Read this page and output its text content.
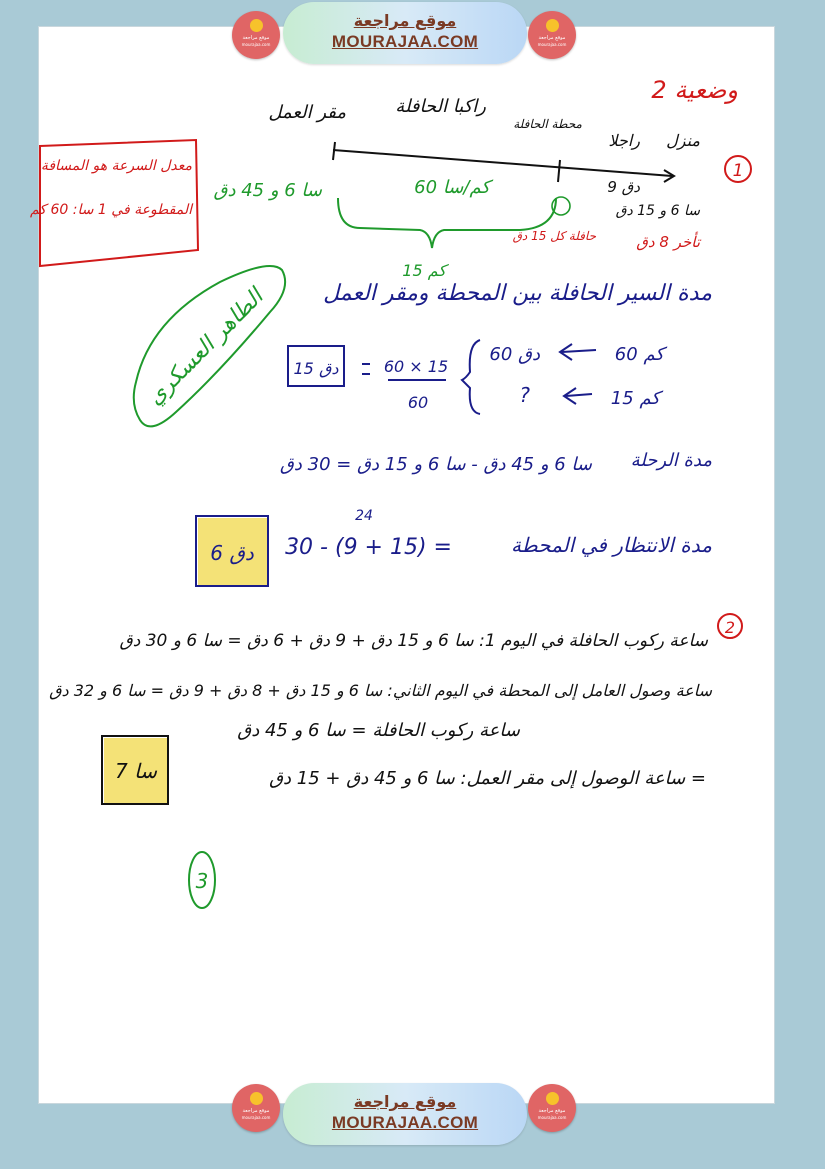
موقع مراجعة
MOURAJAA.COM
موقع مراجعة
mourajaa.com
موقع مراجعة
mourajaa.com
موقع مراجعة
MOURAJAA.COM
موقع مراجعة
mourajaa.com
موقع مراجعة
mourajaa.com
وضعية 2
مقر العمل	راكبا الحافلة
محطة الحافلة
راجلا منزل
1
سا 6 و 45 دق	60 كم/سا	9 دق
سا 6 و 15 دق
تأخر 8 دق
حافلة كل 15 دق
15 كم
معدل السرعة هو المسافة
المقطوعة في 1 سا: 60 كم
الطاهر العسكري مدة السير الحافلة بين المحطة ومقر العمل
60 كم
60 دق
15 كم
?
60 × 15
60
15 دق
مدة الرحلة
سا 6 و 45 دق - سا 6 و 15 دق = 30 دق
مدة الانتظار في المحطة
30 - (9 + 15) =
24
6 دق
2
ساعة ركوب الحافلة في اليوم 1: سا 6 و 15 دق + 9 دق + 6 دق = سا 6 و 30 دق
ساعة وصول العامل إلى المحطة في اليوم الثاني: سا 6 و 15 دق + 8 دق + 9 دق = سا 6 و 32 دق
ساعة ركوب الحافلة = سا 6 و 45 دق
ساعة الوصول إلى مقر العمل: سا 6 و 45 دق + 15 دق =
سا 7
3
